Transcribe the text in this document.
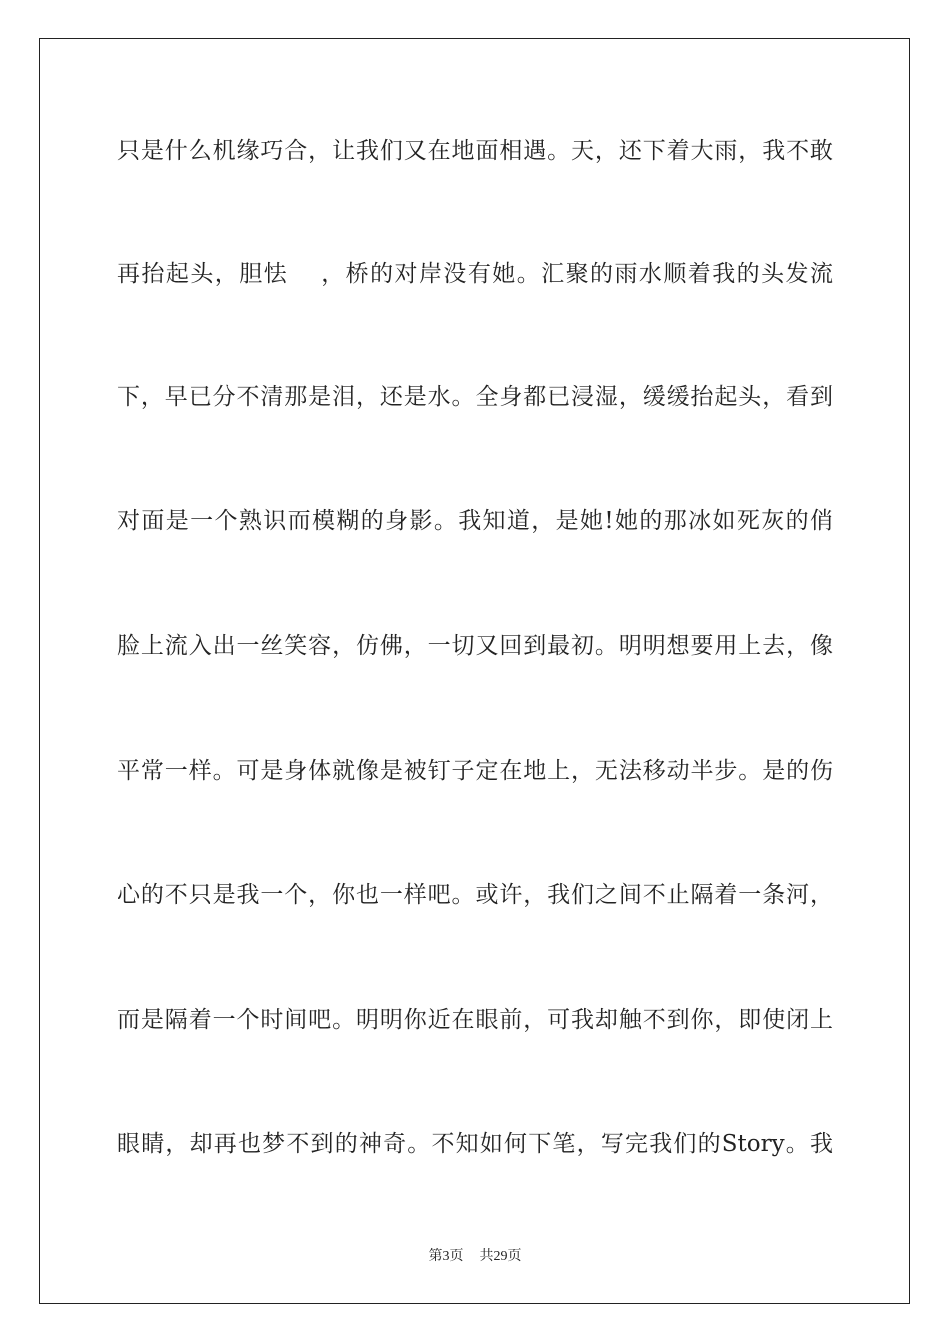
只是什么机缘巧合，让我们又在地面相遇。天，还下着大雨，我不敢

再抬起头，胆怯　 ，桥的对岸没有她。汇聚的雨水顺着我的头发流

下，早已分不清那是泪，还是水。全身都已浸湿，缓缓抬起头，看到

对面是一个熟识而模糊的身影。我知道，是她!她的那冰如死灰的俏

脸上流入出一丝笑容，仿佛，一切又回到最初。明明想要用上去，像

平常一样。可是身体就像是被钉子定在地上，无法移动半步。是的伤

心的不只是我一个，你也一样吧。或许，我们之间不止隔着一条河，

而是隔着一个时间吧。明明你近在眼前，可我却触不到你，即使闭上

眼睛，却再也梦不到的神奇。不知如何下笔，写完我们的Story。我

第3页 共29页
